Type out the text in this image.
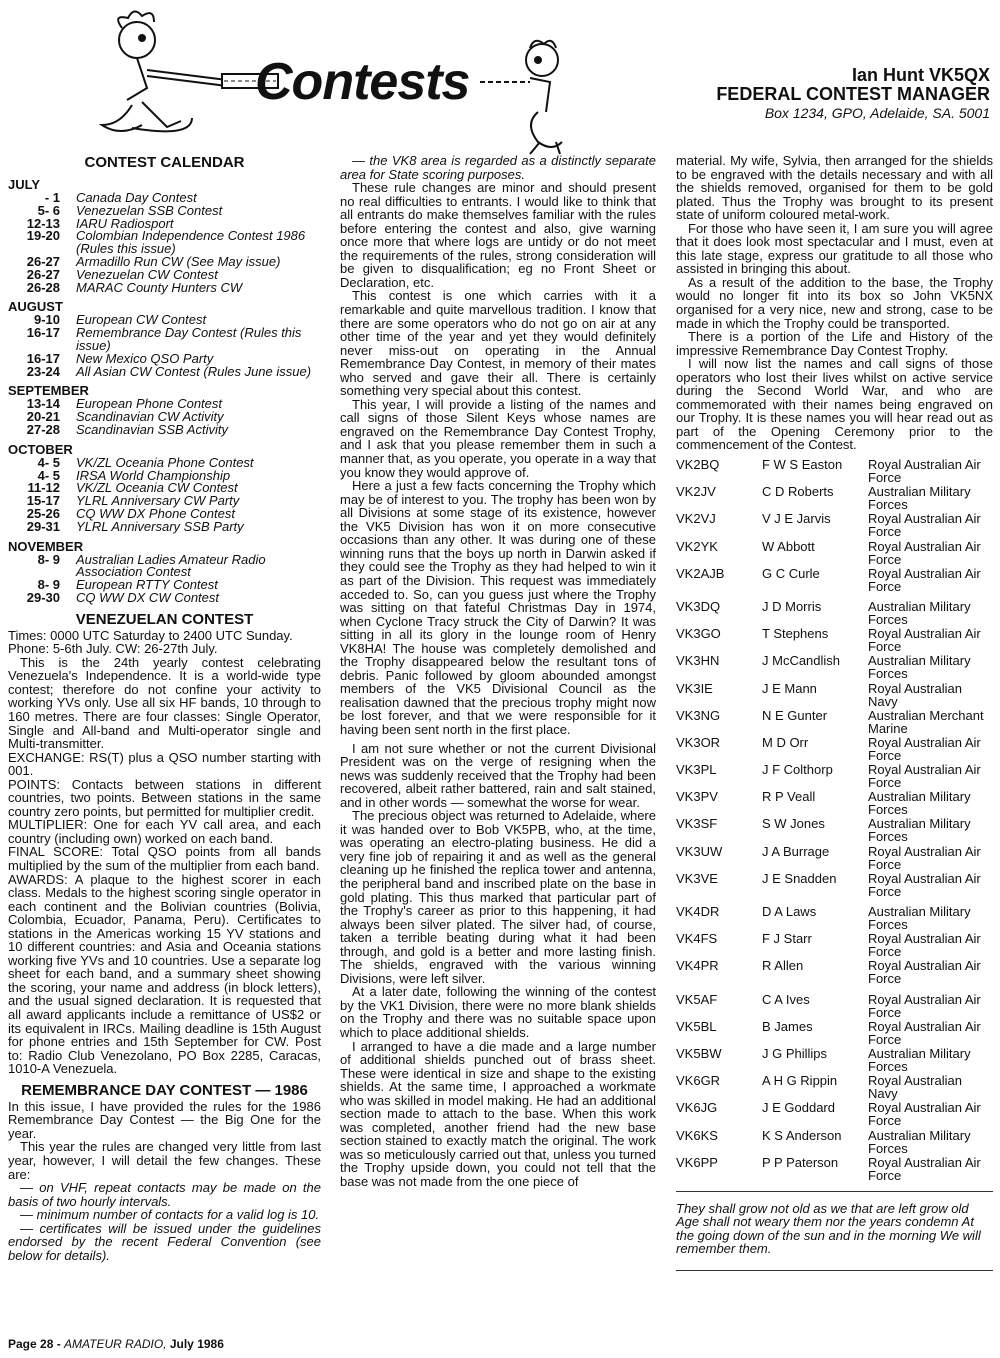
Contests	Ian Hunt VK5QX
FEDERAL CONTEST MANAGER
Box 1234, GPO, Adelaide, SA. 5001
CONTEST CALENDAR
JULY
- 1	Canada Day Contest
5- 6	Venezuelan SSB Contest
12-13	IARU Radiosport
19-20	Colombian Independence Contest 1986 (Rules this issue)
26-27	Armadillo Run CW (See May issue)
26-27	Venezuelan CW Contest
26-28	MARAC County Hunters CW
AUGUST
9-10	European CW Contest
16-17	Remembrance Day Contest (Rules this issue)
16-17	New Mexico QSO Party
23-24	All Asian CW Contest (Rules June issue)
SEPTEMBER
13-14	European Phone Contest
20-21	Scandinavian CW Activity
27-28	Scandinavian SSB Activity
OCTOBER
4- 5	VK/ZL Oceania Phone Contest
4- 5	IRSA World Championship
11-12	VK/ZL Oceania CW Contest
15-17	YLRL Anniversary CW Party
25-26	CQ WW DX Phone Contest
29-31	YLRL Anniversary SSB Party
NOVEMBER
8- 9	Australian Ladies Amateur Radio Association Contest
8- 9	European RTTY Contest
29-30	CQ WW DX CW Contest
VENEZUELAN CONTEST

Times: 0000 UTC Saturday to 2400 UTC Sunday.

Phone: 5-6th July. CW: 26-27th July.

This is the 24th yearly contest celebrating Venezuela's Independence. It is a world-wide type contest; therefore do not confine your activity to working YVs only. Use all six HF bands, 10 through to 160 metres. There are four classes: Single Operator, Single and All-band and Multi-operator single and Multi-transmitter.

EXCHANGE: RS(T) plus a QSO number starting with 001.

POINTS: Contacts between stations in different countries, two points. Between stations in the same country zero points, but permitted for multiplier credit.

MULTIPLIER: One for each YV call area, and each country (including own) worked on each band.

FINAL SCORE: Total QSO points from all bands multiplied by the sum of the multiplier from each band.

AWARDS: A plaque to the highest scorer in each class. Medals to the highest scoring single operator in each continent and the Bolivian countries (Bolivia, Colombia, Ecuador, Panama, Peru). Certificates to stations in the Americas working 15 YV stations and 10 different countries: and Asia and Oceania stations working five YVs and 10 countries. Use a separate log sheet for each band, and a summary sheet showing the scoring, your name and address (in block letters), and the usual signed declaration. It is requested that all award applicants include a remittance of US$2 or its equivalent in IRCs. Mailing deadline is 15th August for phone entries and 15th September for CW. Post to: Radio Club Venezolano, PO Box 2285, Caracas, 1010-A Venezuela.

REMEMBRANCE DAY CONTEST — 1986

In this issue, I have provided the rules for the 1986 Remembrance Day Contest — the Big One for the year.

This year the rules are changed very little from last year, however, I will detail the few changes. These are:

— on VHF, repeat contacts may be made on the basis of two hourly intervals.

— minimum number of contacts for a valid log is 10.

— certificates will be issued under the guidelines endorsed by the recent Federal Convention (see below for details).

— the VK8 area is regarded as a distinctly separate area for State scoring purposes.

These rule changes are minor and should present no real difficulties to entrants. I would like to think that all entrants do make themselves familiar with the rules before entering the contest and also, give warning once more that where logs are untidy or do not meet the requirements of the rules, strong consideration will be given to disqualification; eg no Front Sheet or Declaration, etc.

This contest is one which carries with it a remarkable and quite marvellous tradition. I know that there are some operators who do not go on air at any other time of the year and yet they would definitely never miss-out on operating in the Annual Remembrance Day Contest, in memory of their mates who served and gave their all. There is certainly something very special about this contest.

This year, I will provide a listing of the names and call signs of those Silent Keys whose names are engraved on the Remembrance Day Contest Trophy, and I ask that you please remember them in such a manner that, as you operate, you operate in a way that you know they would approve of.

Here a just a few facts concerning the Trophy which may be of interest to you. The trophy has been won by all Divisions at some stage of its existence, however the VK5 Division has won it on more consecutive occasions than any other. It was during one of these winning runs that the boys up north in Darwin asked if they could see the Trophy as they had helped to win it as part of the Division. This request was immediately acceded to. So, can you guess just where the Trophy was sitting on that fateful Christmas Day in 1974, when Cyclone Tracy struck the City of Darwin? It was sitting in all its glory in the lounge room of Henry VK8HA! The house was completely demolished and the Trophy disappeared below the resultant tons of debris. Panic followed by gloom abounded amongst members of the VK5 Divisional Council as the realisation dawned that the precious trophy might now be lost forever, and that we were responsible for it having been sent north in the first place.

I am not sure whether or not the current Divisional President was on the verge of resigning when the news was suddenly received that the Trophy had been recovered, albeit rather battered, rain and salt stained, and in other words — somewhat the worse for wear.

The precious object was returned to Adelaide, where it was handed over to Bob VK5PB, who, at the time, was operating an electro-plating business. He did a very fine job of repairing it and as well as the general cleaning up he finished the replica tower and antenna, the peripheral band and inscribed plate on the base in gold plating. This thus marked that particular part of the Trophy's career as prior to this happening, it had always been silver plated. The silver had, of course, taken a terrible beating during what it had been through, and gold is a better and more lasting finish. The shields, engraved with the various winning Divisions, were left silver.

At a later date, following the winning of the contest by the VK1 Division, there were no more blank shields on the Trophy and there was no suitable space upon which to place additional shields.

I arranged to have a die made and a large number of additional shields punched out of brass sheet. These were identical in size and shape to the existing shields. At the same time, I approached a workmate who was skilled in model making. He had an additional section made to attach to the base. When this work was completed, another friend had the new base section stained to exactly match the original. The work was so meticulously carried out that, unless you turned the Trophy upside down, you could not tell that the base was not made from the one piece of

material. My wife, Sylvia, then arranged for the shields to be engraved with the details necessary and with all the shields removed, organised for them to be gold plated. Thus the Trophy was brought to its present state of uniform coloured metal-work.

For those who have seen it, I am sure you will agree that it does look most spectacular and I must, even at this late stage, express our gratitude to all those who assisted in bringing this about.

As a result of the addition to the base, the Trophy would no longer fit into its box so John VK5NX organised for a very nice, new and strong, case to be made in which the Trophy could be transported.

There is a portion of the Life and History of the impressive Remembrance Day Contest Trophy.

I will now list the names and call signs of those operators who lost their lives whilst on active service during the Second World War, and who are commemorated with their names being engraved on our Trophy. It is these names you will hear read out as part of the Opening Ceremony prior to the commencement of the Contest.

VK2BQ	F W S Easton	Royal Australian Air Force
VK2JV	C D Roberts	Australian Military Forces
VK2VJ	V J E Jarvis	Royal Australian Air Force
VK2YK	W Abbott	Royal Australian Air Force
VK2AJB	G C Curle	Royal Australian Air Force
VK3DQ	J D Morris	Australian Military Forces
VK3GO	T Stephens	Royal Australian Air Force
VK3HN	J McCandlish	Australian Military Forces
VK3IE	J E Mann	Royal Australian Navy
VK3NG	N E Gunter	Australian Merchant Marine
VK3OR	M D Orr	Royal Australian Air Force
VK3PL	J F Colthorp	Royal Australian Air Force
VK3PV	R P Veall	Australian Military Forces
VK3SF	S W Jones	Australian Military Forces
VK3UW	J A Burrage	Royal Australian Air Force
VK3VE	J E Snadden	Royal Australian Air Force
VK4DR	D A Laws	Australian Military Forces
VK4FS	F J Starr	Royal Australian Air Force
VK4PR	R Allen	Royal Australian Air Force
VK5AF	C A Ives	Royal Australian Air Force
VK5BL	B James	Royal Australian Air Force
VK5BW	J G Phillips	Australian Military Forces
VK6GR	A H G Rippin	Royal Australian Navy
VK6JG	J E Goddard	Royal Australian Air Force
VK6KS	K S Anderson	Australian Military Forces
VK6PP	P P Paterson	Royal Australian Air Force
They shall grow not old as we that are left grow old Age shall not weary them nor the years condemn At the going down of the sun and in the morning We will remember them.
Page 28 - AMATEUR RADIO, July 1986
